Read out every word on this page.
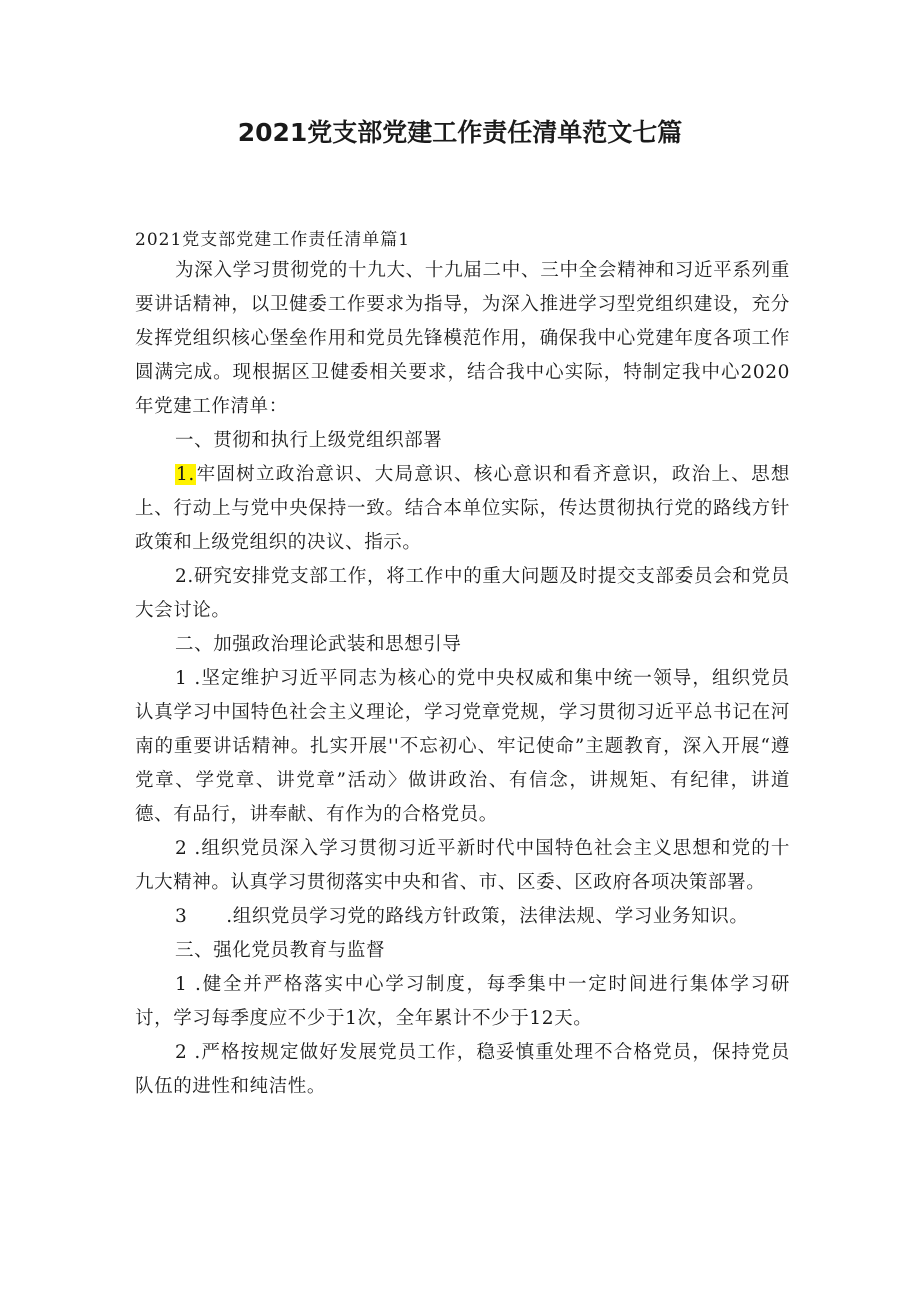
2021党支部党建工作责任清单范文七篇
2021党支部党建工作责任清单篇1

为深入学习贯彻党的十九大、十九届二中、三中全会精神和习近平系列重要讲话精神，以卫健委工作要求为指导，为深入推进学习型党组织建设，充分发挥党组织核心堡垒作用和党员先锋模范作用，确保我中心党建年度各项工作圆满完成。现根据区卫健委相关要求，结合我中心实际，特制定我中心2020年党建工作清单：

一、贯彻和执行上级党组织部署

1.牢固树立政治意识、大局意识、核心意识和看齐意识，政治上、思想上、行动上与党中央保持一致。结合本单位实际，传达贯彻执行党的路线方针政策和上级党组织的决议、指示。

2.研究安排党支部工作，将工作中的重大问题及时提交支部委员会和党员大会讨论。

二、加强政治理论武装和思想引导

1 .坚定维护习近平同志为核心的党中央权威和集中统一领导，组织党员认真学习中国特色社会主义理论，学习党章党规，学习贯彻习近平总书记在河南的重要讲话精神。扎实开展''不忘初心、牢记使命”主题教育，深入开展“遵党章、学党章、讲党章”活动〉做讲政治、有信念，讲规矩、有纪律，讲道德、有品行，讲奉献、有作为的合格党员。

2 .组织党员深入学习贯彻习近平新时代中国特色社会主义思想和党的十九大精神。认真学习贯彻落实中央和省、市、区委、区政府各项决策部署。

3      .组织党员学习党的路线方针政策，法律法规、学习业务知识。

三、强化党员教育与监督

1 .健全并严格落实中心学习制度，每季集中一定时间进行集体学习研讨，学习每季度应不少于1次，全年累计不少于12天。

2 .严格按规定做好发展党员工作，稳妥慎重处理不合格党员，保持党员队伍的进性和纯洁性。
